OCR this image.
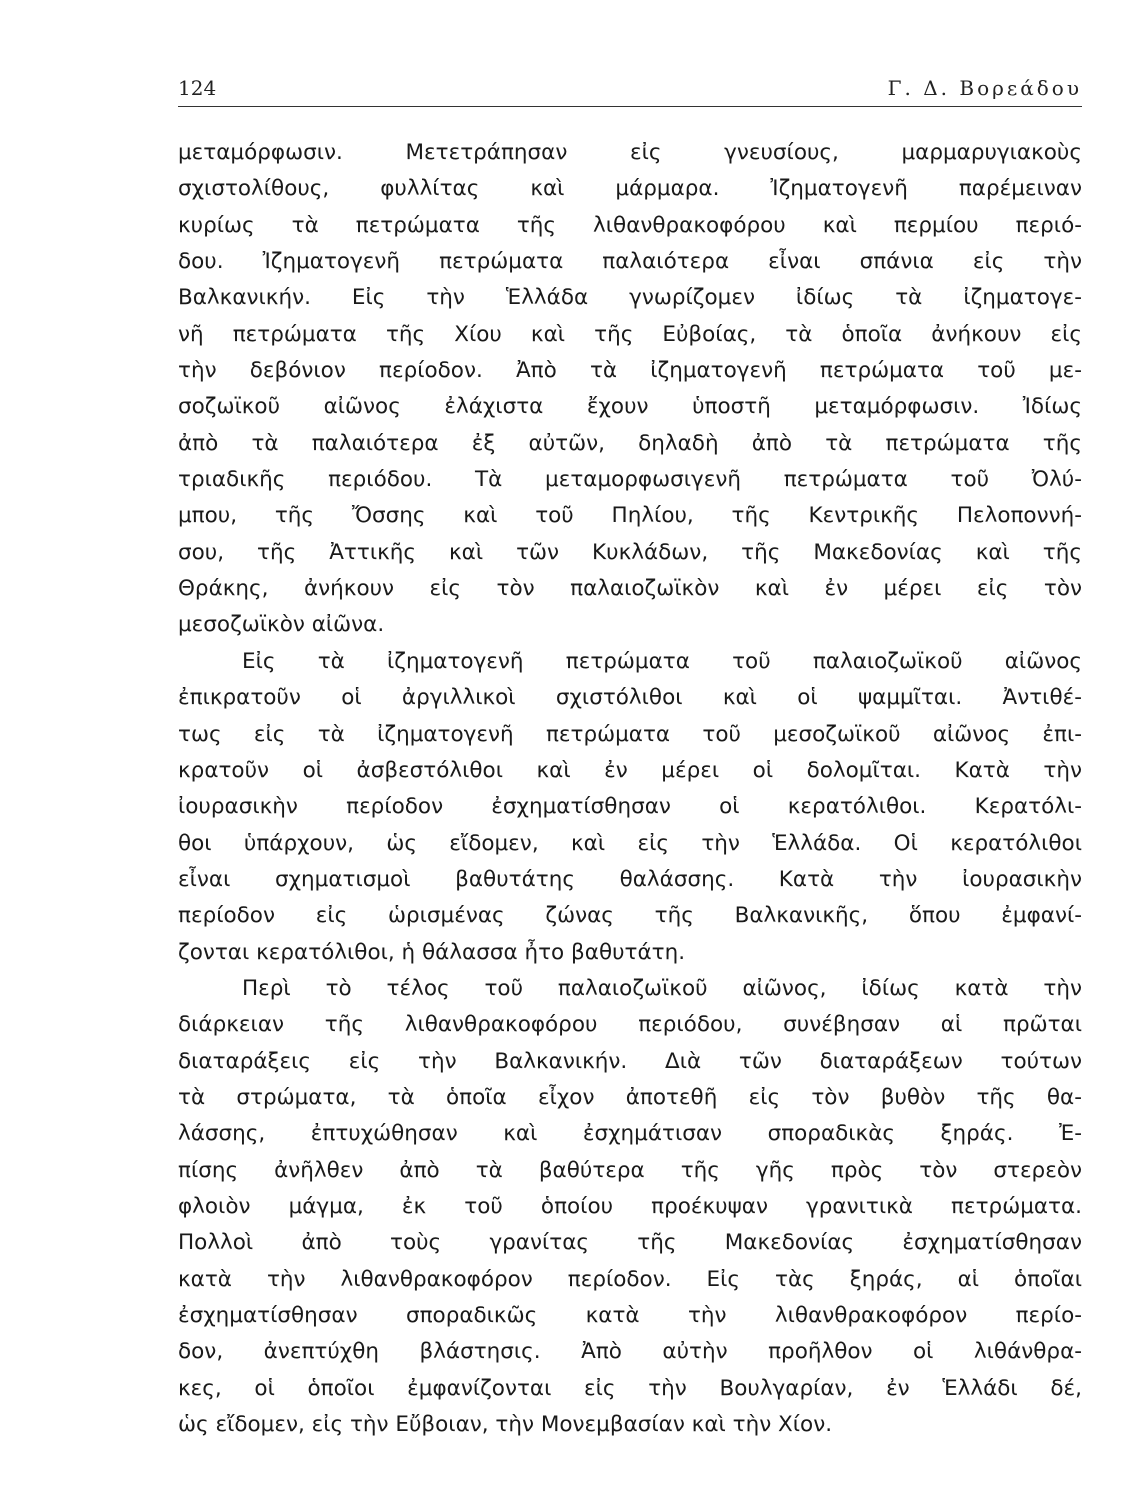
124	Γ. Δ. Βορεάδου
μεταμόρφωσιν. Μετετράπησαν εἰς γνευσίους, μαρμαρυγιακοὺς
σχιστολίθους, φυλλίτας καὶ μάρμαρα. Ἰζηματογενῆ παρέμειναν
κυρίως τὰ πετρώματα τῆς λιθανθρακοφόρου καὶ περμίου περιό-
δου. Ἰζηματογενῆ πετρώματα παλαιότερα εἶναι σπάνια εἰς τὴν
Βαλκανικήν. Εἰς τὴν Ἑλλάδα γνωρίζομεν ἰδίως τὰ ἰζηματογε-
νῆ πετρώματα τῆς Χίου καὶ τῆς Εὐβοίας, τὰ ὁποῖα ἀνήκουν εἰς
τὴν δεβόνιον περίοδον. Ἀπὸ τὰ ἰζηματογενῆ πετρώματα τοῦ με-
σοζωϊκοῦ αἰῶνος ἐλάχιστα ἔχουν ὑποστῆ μεταμόρφωσιν. Ἰδίως
ἀπὸ τὰ παλαιότερα ἐξ αὐτῶν, δηλαδὴ ἀπὸ τὰ πετρώματα τῆς
τριαδικῆς περιόδου. Τὰ μεταμορφωσιγενῆ πετρώματα τοῦ Ὀλύ-
μπου, τῆς Ὄσσης καὶ τοῦ Πηλίου, τῆς Κεντρικῆς Πελοποννή-
σου, τῆς Ἀττικῆς καὶ τῶν Κυκλάδων, τῆς Μακεδονίας καὶ τῆς
Θράκης, ἀνήκουν εἰς τὸν παλαιοζωϊκὸν καὶ ἐν μέρει εἰς τὸν
μεσοζωϊκὸν αἰῶνα.
Εἰς τὰ ἰζηματογενῆ πετρώματα τοῦ παλαιοζωϊκοῦ αἰῶνος
ἐπικρατοῦν οἱ ἀργιλλικοὶ σχιστόλιθοι καὶ οἱ ψαμμῖται. Ἀντιθέ-
τως εἰς τὰ ἰζηματογενῆ πετρώματα τοῦ μεσοζωϊκοῦ αἰῶνος ἐπι-
κρατοῦν οἱ ἀσβεστόλιθοι καὶ ἐν μέρει οἱ δολομῖται. Κατὰ τὴν
ἰουρασικὴν περίοδον ἐσχηματίσθησαν οἱ κερατόλιθοι. Κερατόλι-
θοι ὑπάρχουν, ὡς εἴδομεν, καὶ εἰς τὴν Ἑλλάδα. Οἱ κερατόλιθοι
εἶναι σχηματισμοὶ βαθυτάτης θαλάσσης. Κατὰ τὴν ἰουρασικὴν
περίοδον εἰς ὡρισμένας ζώνας τῆς Βαλκανικῆς, ὅπου ἐμφανί-
ζονται κερατόλιθοι, ἡ θάλασσα ἦτο βαθυτάτη.
Περὶ τὸ τέλος τοῦ παλαιοζωϊκοῦ αἰῶνος, ἰδίως κατὰ τὴν
διάρκειαν τῆς λιθανθρακοφόρου περιόδου, συνέβησαν αἱ πρῶται
διαταράξεις εἰς τὴν Βαλκανικήν. Διὰ τῶν διαταράξεων τούτων
τὰ στρώματα, τὰ ὁποῖα εἶχον ἀποτεθῆ εἰς τὸν βυθὸν τῆς θα-
λάσσης, ἐπτυχώθησαν καὶ ἐσχημάτισαν σποραδικὰς ξηράς. Ἐ-
πίσης ἀνῆλθεν ἀπὸ τὰ βαθύτερα τῆς γῆς πρὸς τὸν στερεὸν
φλοιὸν μάγμα, ἐκ τοῦ ὁποίου προέκυψαν γρανιτικὰ πετρώματα.
Πολλοὶ ἀπὸ τοὺς γρανίτας τῆς Μακεδονίας ἐσχηματίσθησαν
κατὰ τὴν λιθανθρακοφόρον περίοδον. Εἰς τὰς ξηράς, αἱ ὁποῖαι
ἐσχηματίσθησαν σποραδικῶς κατὰ τὴν λιθανθρακοφόρον περίο-
δον, ἀνεπτύχθη βλάστησις. Ἀπὸ αὐτὴν προῆλθον οἱ λιθάνθρα-
κες, οἱ ὁποῖοι ἐμφανίζονται εἰς τὴν Βουλγαρίαν, ἐν Ἑλλάδι δέ,
ὡς εἴδομεν, εἰς τὴν Εὔβοιαν, τὴν Μονεμβασίαν καὶ τὴν Χίον.
